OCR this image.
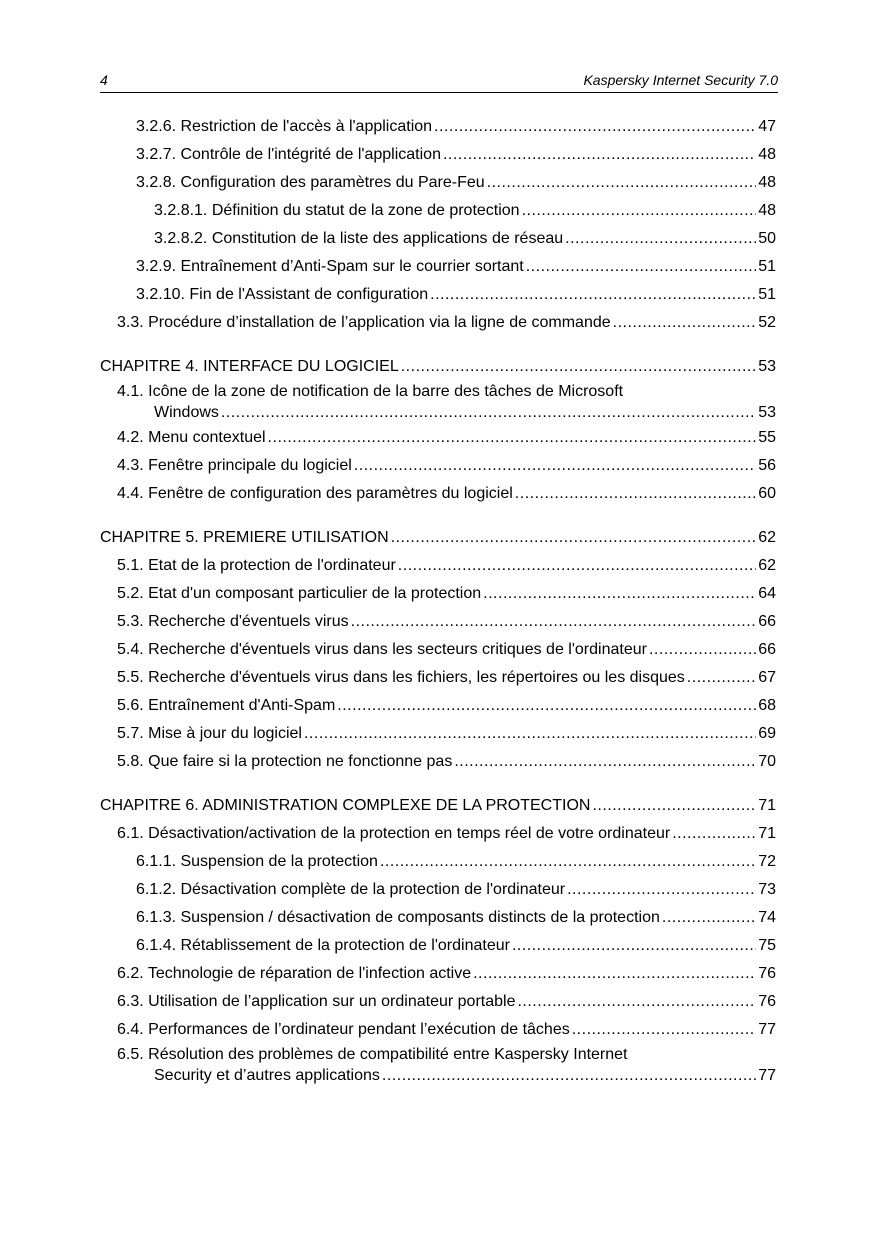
4	Kaspersky Internet Security 7.0
3.2.6. Restriction de l'accès à l'application .....	47
3.2.7. Contrôle de l'intégrité de l'application .....	48
3.2.8. Configuration des paramètres du Pare-Feu .....	48
3.2.8.1. Définition du statut de la zone de protection .....	48
3.2.8.2. Constitution de la liste des applications de réseau .....	50
3.2.9. Entraînement d’Anti-Spam sur le courrier sortant .....	51
3.2.10. Fin de l'Assistant de configuration .....	51
3.3. Procédure d’installation de l’application via la ligne de commande .....	52
CHAPITRE 4. INTERFACE DU LOGICIEL .....	53
4.1. Icône de la zone de notification de la barre des tâches de Microsoft
Windows .....	53
4.2. Menu contextuel .....	55
4.3. Fenêtre principale du logiciel .....	56
4.4. Fenêtre de configuration des paramètres du logiciel .....	60
CHAPITRE 5. PREMIERE UTILISATION .....	62
5.1. Etat de la protection de l'ordinateur .....	62
5.2. Etat d'un composant particulier de la protection .....	64
5.3. Recherche d'éventuels virus .....	66
5.4. Recherche d'éventuels virus dans les secteurs critiques de l'ordinateur .....	66
5.5. Recherche d'éventuels virus dans les fichiers, les répertoires ou les disques .....	67
5.6. Entraînement d'Anti-Spam .....	68
5.7. Mise à jour du logiciel .....	69
5.8. Que faire si la protection ne fonctionne pas .....	70
CHAPITRE 6. ADMINISTRATION COMPLEXE DE LA PROTECTION .....	71
6.1. Désactivation/activation de la protection en temps réel de votre ordinateur .....	71
6.1.1. Suspension de la protection .....	72
6.1.2. Désactivation complète de la protection de l'ordinateur .....	73
6.1.3. Suspension / désactivation de composants distincts de la protection .....	74
6.1.4. Rétablissement de la protection de l'ordinateur .....	75
6.2. Technologie de réparation de l'infection active .....	76
6.3. Utilisation de l’application sur un ordinateur portable .....	76
6.4. Performances de l’ordinateur pendant l’exécution de tâches .....	77
6.5. Résolution des problèmes de compatibilité entre Kaspersky Internet
Security et d’autres applications .....	77
